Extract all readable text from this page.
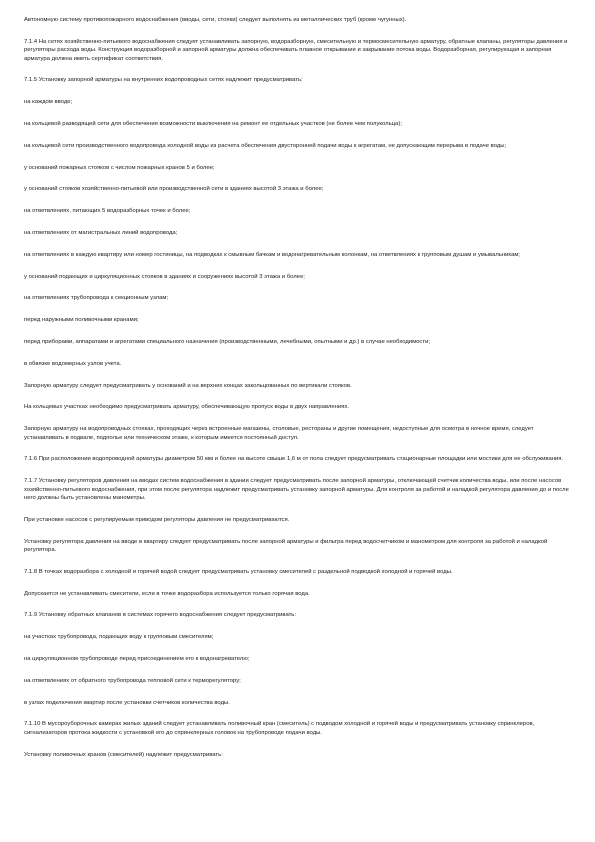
Автономную систему противопожарного водоснабжения (вводы, сети, стояки) следует выполнять из металлических труб (кроме чугунных).

7.1.4 На сетях хозяйственно-питьевого водоснабжения следует устанавливать запорную, водоразборную, смесительную и термосмесительную арматуру, обратные клапаны, регуляторы давления и регуляторы расхода воды. Конструкция водоразборной и запорной арматуры должна обеспечивать плавное открывание и закрывание потока воды. Водоразборная, регулирующая и запорная арматура должна иметь сертификат соответствия.

7.1.5 Установку запорной арматуры на внутренних водопроводных сетях надлежит предусматривать:

на каждом вводе;

на кольцевой разводящей сети для обеспечения возможности выключения на ремонт ее отдельных участков (не более чем полукольца);

на кольцевой сети производственного водопровода холодной воды из расчета обеспечения двусторонней подачи воды к агрегатам, не допускающим перерыва в подаче воды;

у оснований пожарных стояков с числом пожарных кранов 5 и более;

у оснований стояков хозяйственно-питьевой или производственной сети в зданиях высотой 3 этажа и более;

на ответвлениях, питающих 5 водоразборных точек и более;

на ответвлениях от магистральных линий водопровода;

на ответвлениях в каждую квартиру или номер гостиницы, на подводках к смывным бачкам и водонагревательным колонкам, на ответвлениях к групповым душам и умывальникам;

у оснований подающих и циркуляционных стояков в зданиях и сооружениях высотой 3 этажа и более;

на ответвлениях трубопровода к секционным узлам;

перед наружными поливочными кранами;

перед приборами, аппаратами и агрегатами специального назначения (производственными, лечебными, опытными и др.) в случае необходимости;

в обвязке водомерных узлов учета.

Запорную арматуру следует предусматривать у оснований и на верхних концах закольцованных по вертикали стояков.

На кольцевых участках необходимо предусматривать арматуру, обеспечивающую пропуск воды в двух направлениях.

Запорную арматуру на водопроводных стояках, проходящих через встроенные магазины, столовые, рестораны и другие помещения, недоступные для осмотра в ночное время, следует устанавливать в подвале, подполье или техническом этаже, к которым имеется постоянный доступ.

7.1.6 При расположении водопроводной арматуры диаметром 50 мм и более на высоте свыше 1,6 м от пола следует предусматривать стационарные площадки или мостики для ее обслуживания.

7.1.7 Установку регуляторов давления на вводах систем водоснабжения в здании следует предусматривать после запорной арматуры, отключающей счетчик количества воды, или после насосов хозяйственно-питьевого водоснабжения, при этом после регулятора надлежит предусматривать установку запорной арматуры. Для контроля за работой и наладкой регулятора давления до и после него должны быть установлены манометры.

При установке насосов с регулируемым приводом регуляторы давления не предусматриваются.

Установку регулятора давления на вводе в квартиру следует предусматривать после запорной арматуры и фильтра перед водосчетчиком и манометром для контроля за работой и наладкой регулятора.

7.1.8 В точках водоразбора с холодной и горячей водой следует предусматривать установку смесителей с раздельной подводкой холодной и горячей воды.

Допускается не устанавливать смесители, если в точке водоразбора используется только горячая вода.

7.1.9 Установку обратных клапанов в системах горячего водоснабжения следует предусматривать:

на участках трубопровода, подающих воду к групповым смесителям;

на циркуляционном трубопроводе перед присоединением его к водонагревателю;

на ответвлениях от обратного трубопровода тепловой сети к терморегулятору;

в узлах подключения квартир после установки счетчиков количества воды.

7.1.10 В мусороуборочных камерах жилых зданий следует устанавливать поливочный кран (смеситель) с подводом холодной и горячей воды и предусматривать установку спринклеров, сигнализаторов протока жидкости с установкой его до спринклерных головок на трубопроводе подачи воды.

Установку поливочных кранов (смесителей) надлежит предусматривать:
